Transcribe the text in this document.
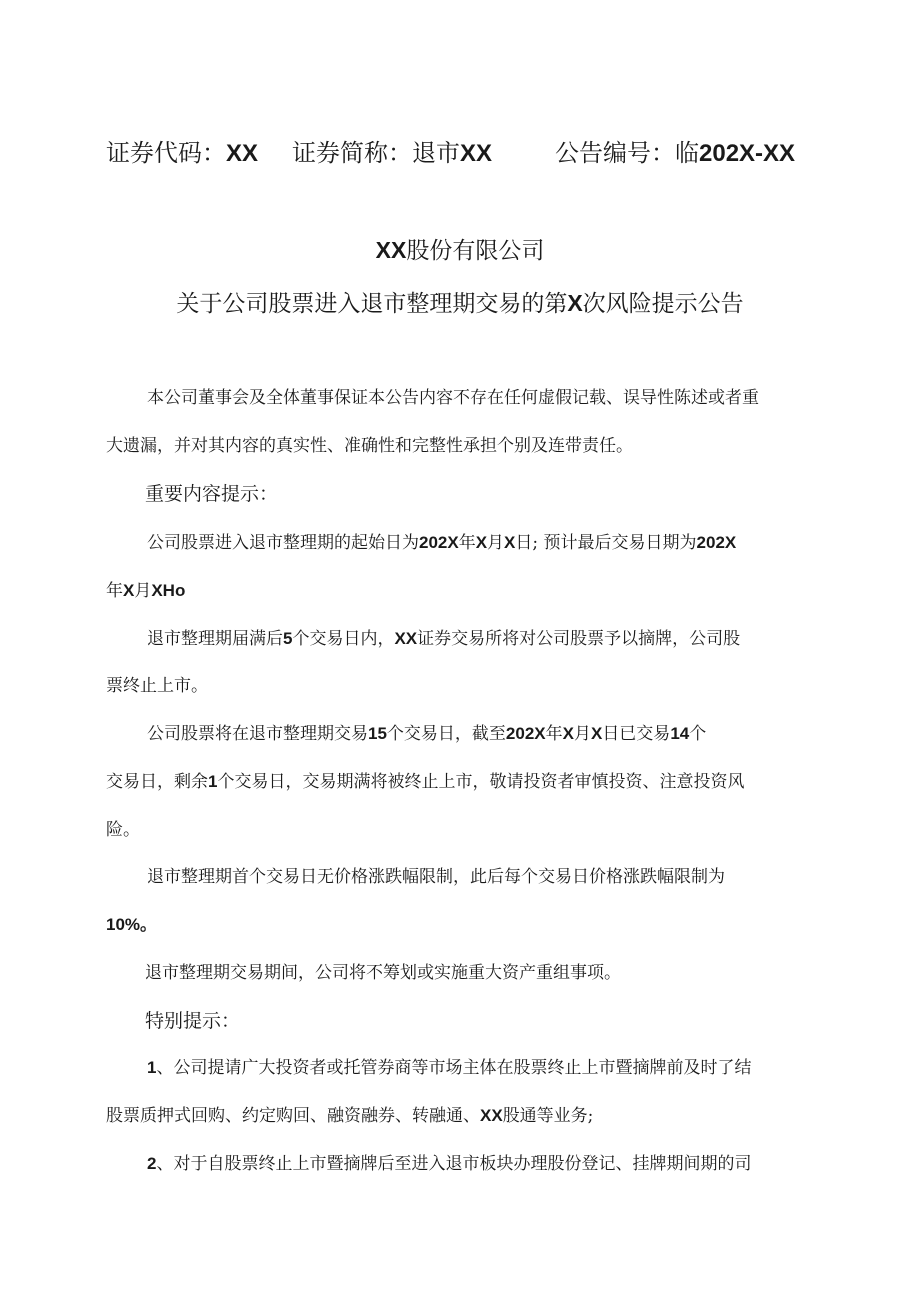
证券代码：XX 证券简称：退市XX	公告编号：临202X-XX
XX股份有限公司
关于公司股票进入退市整理期交易的第X次风险提示公告
本公司董事会及全体董事保证本公告内容不存在任何虚假记载、误导性陈述或者重
大遗漏，并对其内容的真实性、准确性和完整性承担个别及连带责任。
重要内容提示：
公司股票进入退市整理期的起始日为202X年X月X日; 预计最后交易日期为202X
年X月XHo
退市整理期届满后5个交易日内，XX证券交易所将对公司股票予以摘牌，公司股
票终止上市。
公司股票将在退市整理期交易15个交易日，截至202X年X月X日已交易14个
交易日，剩余1个交易日，交易期满将被终止上市，敬请投资者审慎投资、注意投资风
险。
退市整理期首个交易日无价格涨跌幅限制，此后每个交易日价格涨跌幅限制为
10%。
退市整理期交易期间，公司将不筹划或实施重大资产重组事项。
特别提示：
1、公司提请广大投资者或托管券商等市场主体在股票终止上市暨摘牌前及时了结
股票质押式回购、约定购回、融资融券、转融通、XX股通等业务;
2、对于自股票终止上市暨摘牌后至进入退市板块办理股份登记、挂牌期间期的司
